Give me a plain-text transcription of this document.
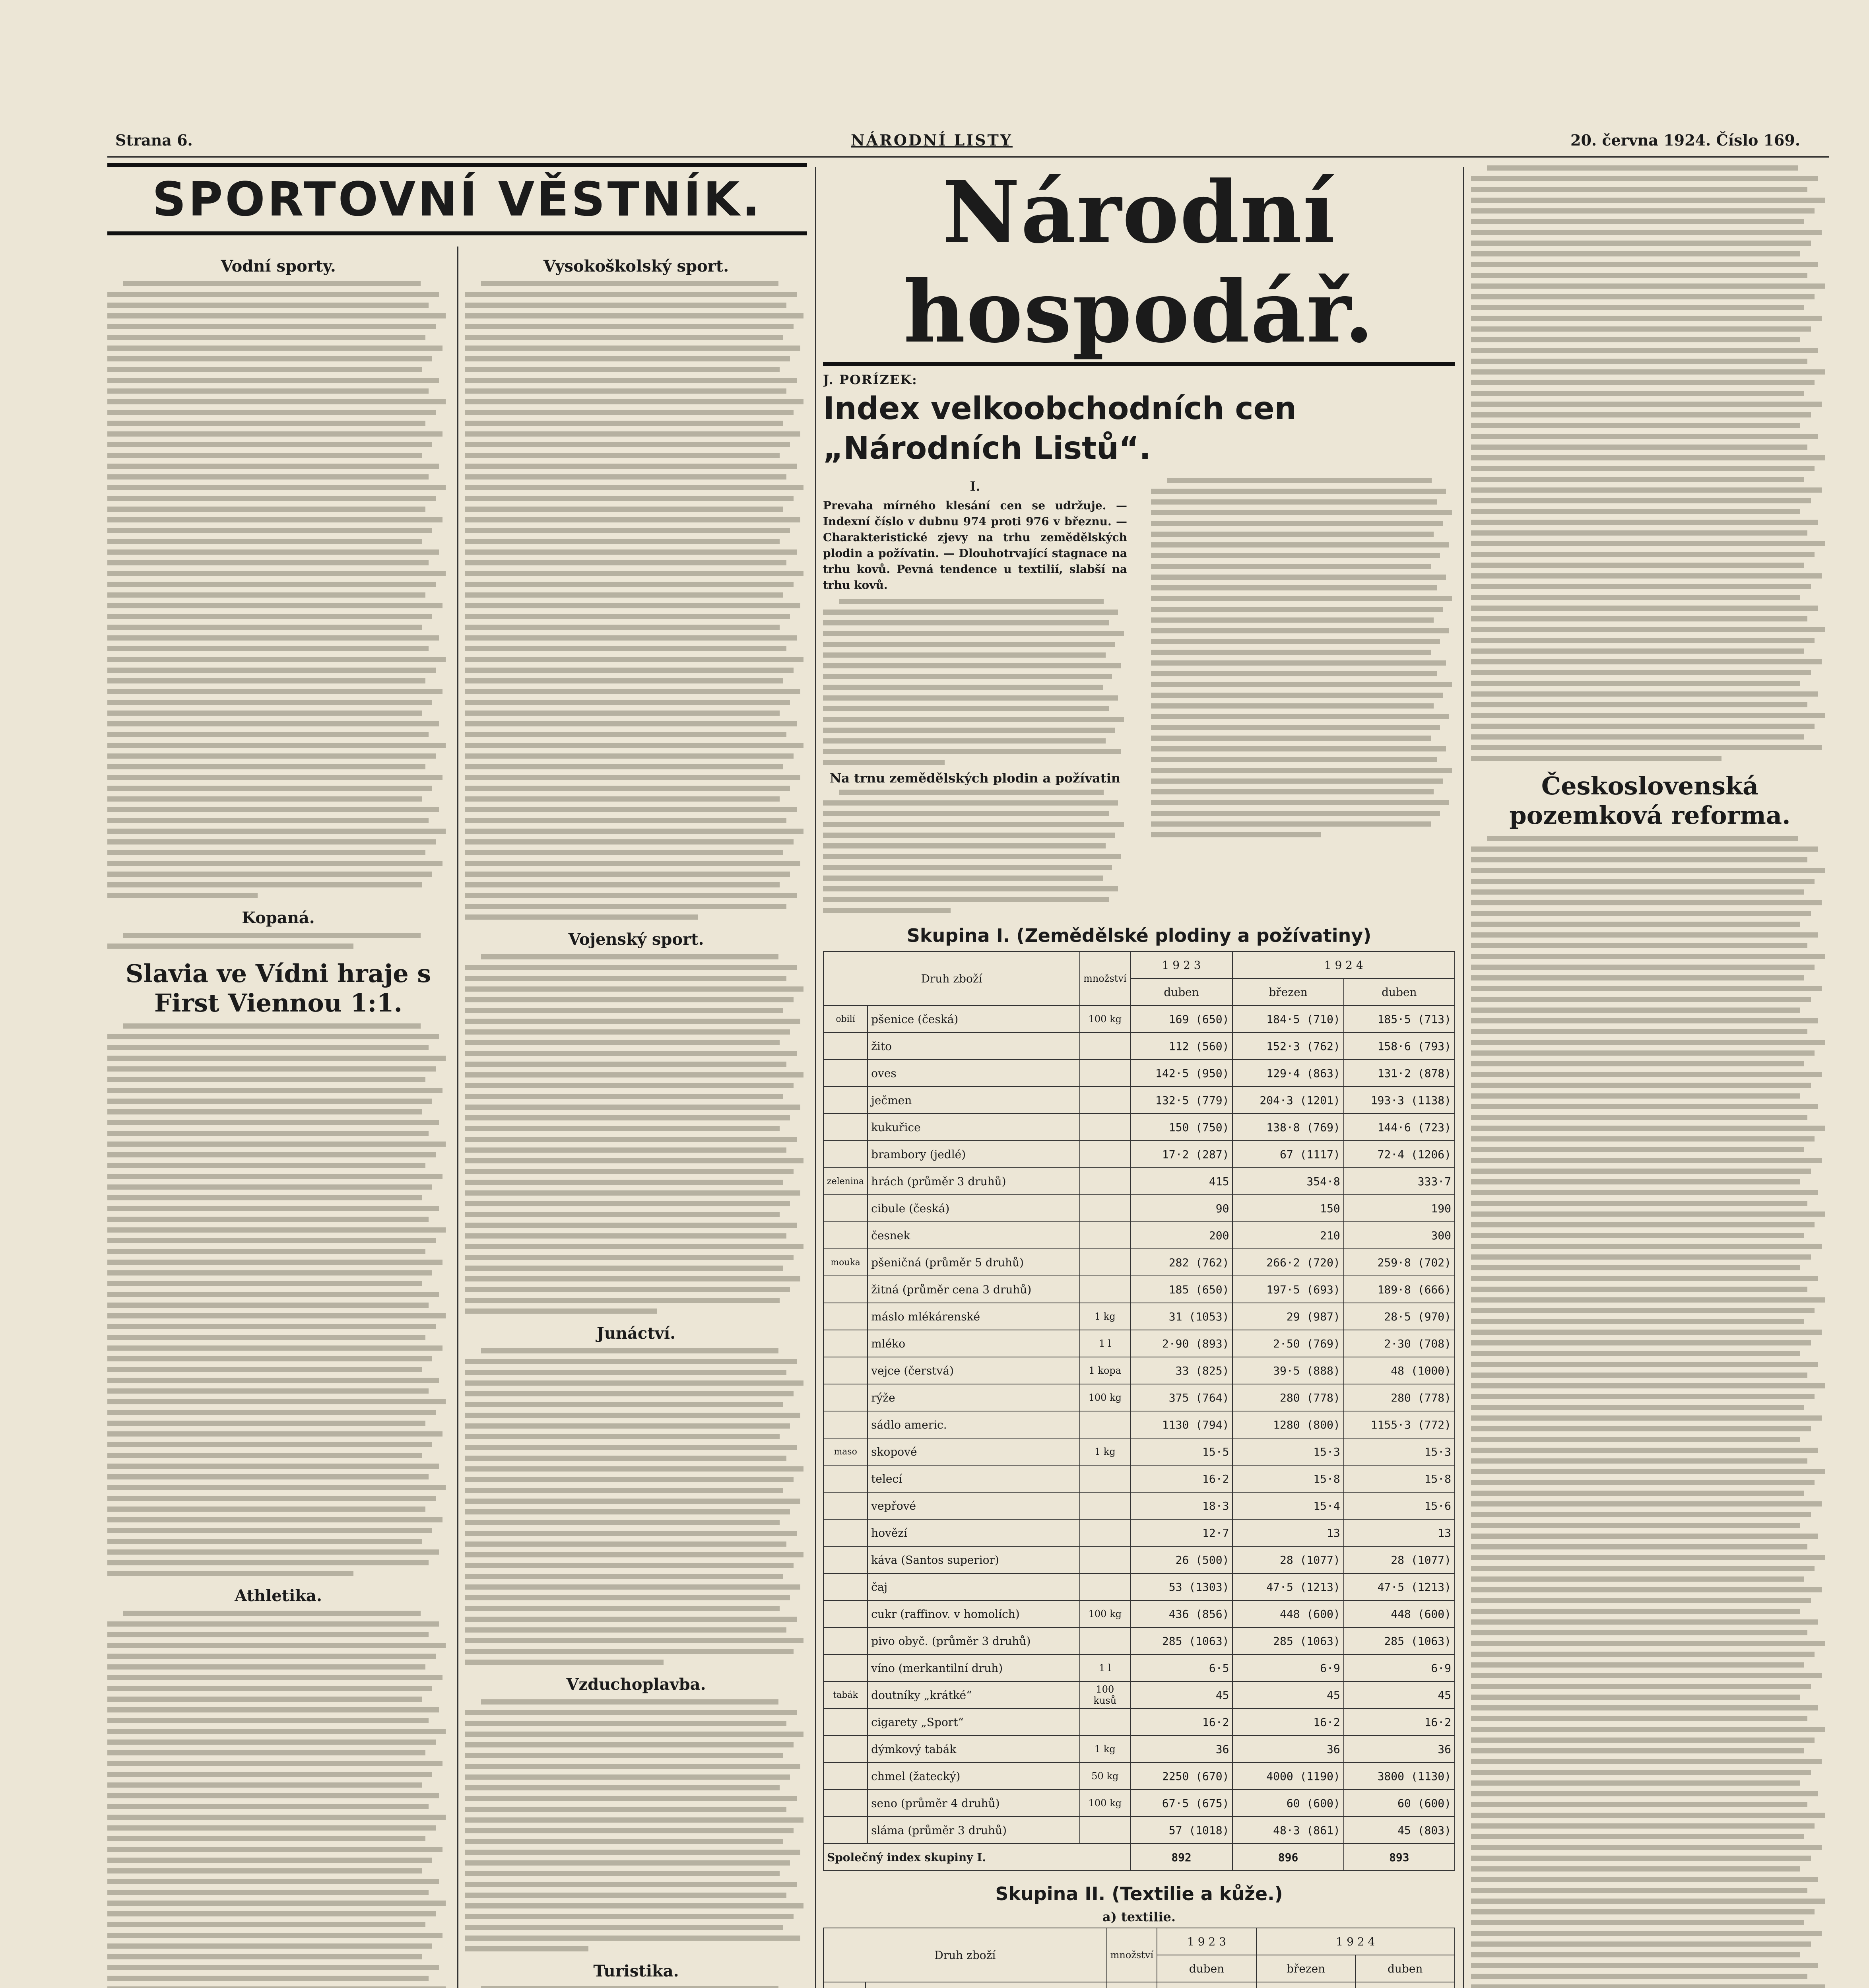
Strana 6.	NÁRODNÍ LISTY	20. června 1924. Číslo 169.
SPORTOVNÍ VĚSTNÍK.
Vodní sporty.
Kopaná.
Slavia ve Vídni hraje s First Viennou 1:1.
Athletika.
Vysokoškolský sport.
Vojenský sport.
Junáctví.
Vzduchoplavba.
Turistika.
Národní hospodář.
J. PORÍZEK:
Index velkoobchodních cen „Národních Listů“.
I.
Prevaha mírného klesání cen se udržuje. — Indexní číslo v dubnu 974 proti 976 v březnu. — Charakteristické zjevy na trhu zemědělských plodin a požívatin. — Dlouhotrvající stagnace na trhu kovů. Pevná tendence u textilií, slabší na trhu kovů.
Na trnu zemědělských plodin a požívatin
Skupina I. (Zemědělské plodiny a požívatiny)
Druh zboží		množství	1 9 2 3	1 9 2 4	
			duben	březen	duben
obilí	pšenice (česká)	100 kg	169 (650)	184·5 (710)	185·5 (713)
	žito		112 (560)	152·3 (762)	158·6 (793)
	oves		142·5 (950)	129·4 (863)	131·2 (878)
	ječmen		132·5 (779)	204·3 (1201)	193·3 (1138)
	kukuřice		150 (750)	138·8 (769)	144·6 (723)
	brambory (jedlé)		17·2 (287)	67 (1117)	72·4 (1206)
zelenina	hrách (průměr 3 druhů)		415	354·8	333·7
	cibule (česká)		90	150	190
	česnek		200	210	300
mouka	pšeničná (průměr 5 druhů)		282 (762)	266·2 (720)	259·8 (702)
	žitná (průměr cena 3 druhů)		185 (650)	197·5 (693)	189·8 (666)
	máslo mlékárenské	1 kg	31 (1053)	29 (987)	28·5 (970)
	mléko	1 l	2·90 (893)	2·50 (769)	2·30 (708)
	vejce (čerstvá)	1 kopa	33 (825)	39·5 (888)	48 (1000)
	rýže	100 kg	375 (764)	280 (778)	280 (778)
	sádlo americ.		1130 (794)	1280 (800)	1155·3 (772)
maso	skopové	1 kg	15·5	15·3	15·3
	telecí		16·2	15·8	15·8
	vepřové		18·3	15·4	15·6
	hovězí		12·7	13	13
	káva (Santos superior)		26 (500)	28 (1077)	28 (1077)
	čaj		53 (1303)	47·5 (1213)	47·5 (1213)
	cukr (raffinov. v homolích)	100 kg	436 (856)	448 (600)	448 (600)
	pivo obyč. (průměr 3 druhů)		285 (1063)	285 (1063)	285 (1063)
	víno (merkantilní druh)	1 l	6·5	6·9	6·9
tabák	doutníky „krátké“	100 kusů	45	45	45
	cigarety „Sport“		16·2	16·2	16·2
	dýmkový tabák	1 kg	36	36	36
	chmel (žatecký)	50 kg	2250 (670)	4000 (1190)	3800 (1130)
	seno (průměr 4 druhů)	100 kg	67·5 (675)	60 (600)	60 (600)
	sláma (průměr 3 druhů)		57 (1018)	48·3 (861)	45 (803)
Společný index skupiny I.			892	896	893
Skupina II. (Textilie a kůže.)
a) textilie.
Druh zboží		množství	1 9 2 3	1 9 2 4	
			duben	březen	duben

Československá pozemková reforma.
